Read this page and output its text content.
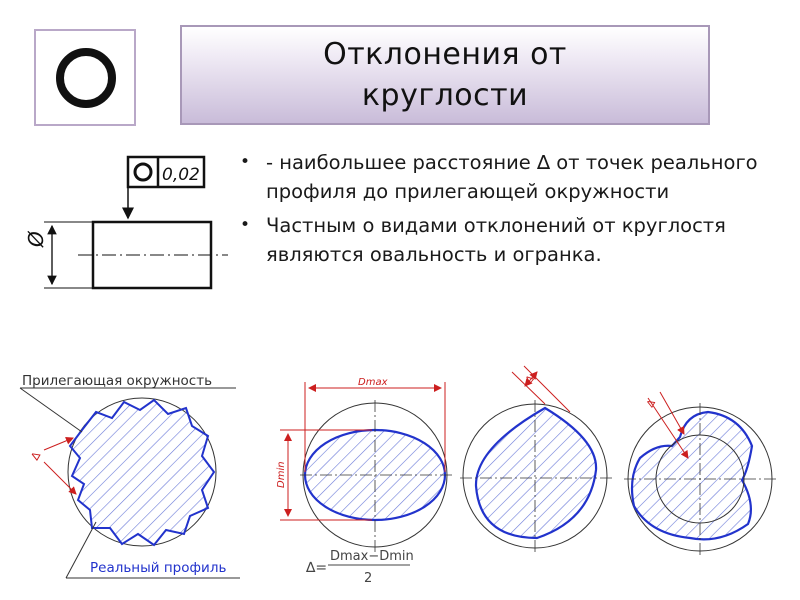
Отклонения от
круглости
• - наибольшее расстояние ∆ от точек реального профиля до прилегающей окружности
• Частным о видами отклонений от круглостя являются овальность и огранка.
0,02
Ø
Прилегающая окружность
Реальный профиль
∆
Dmax
Dmin
∆=
Dmax−Dmin
2
∆
∆
